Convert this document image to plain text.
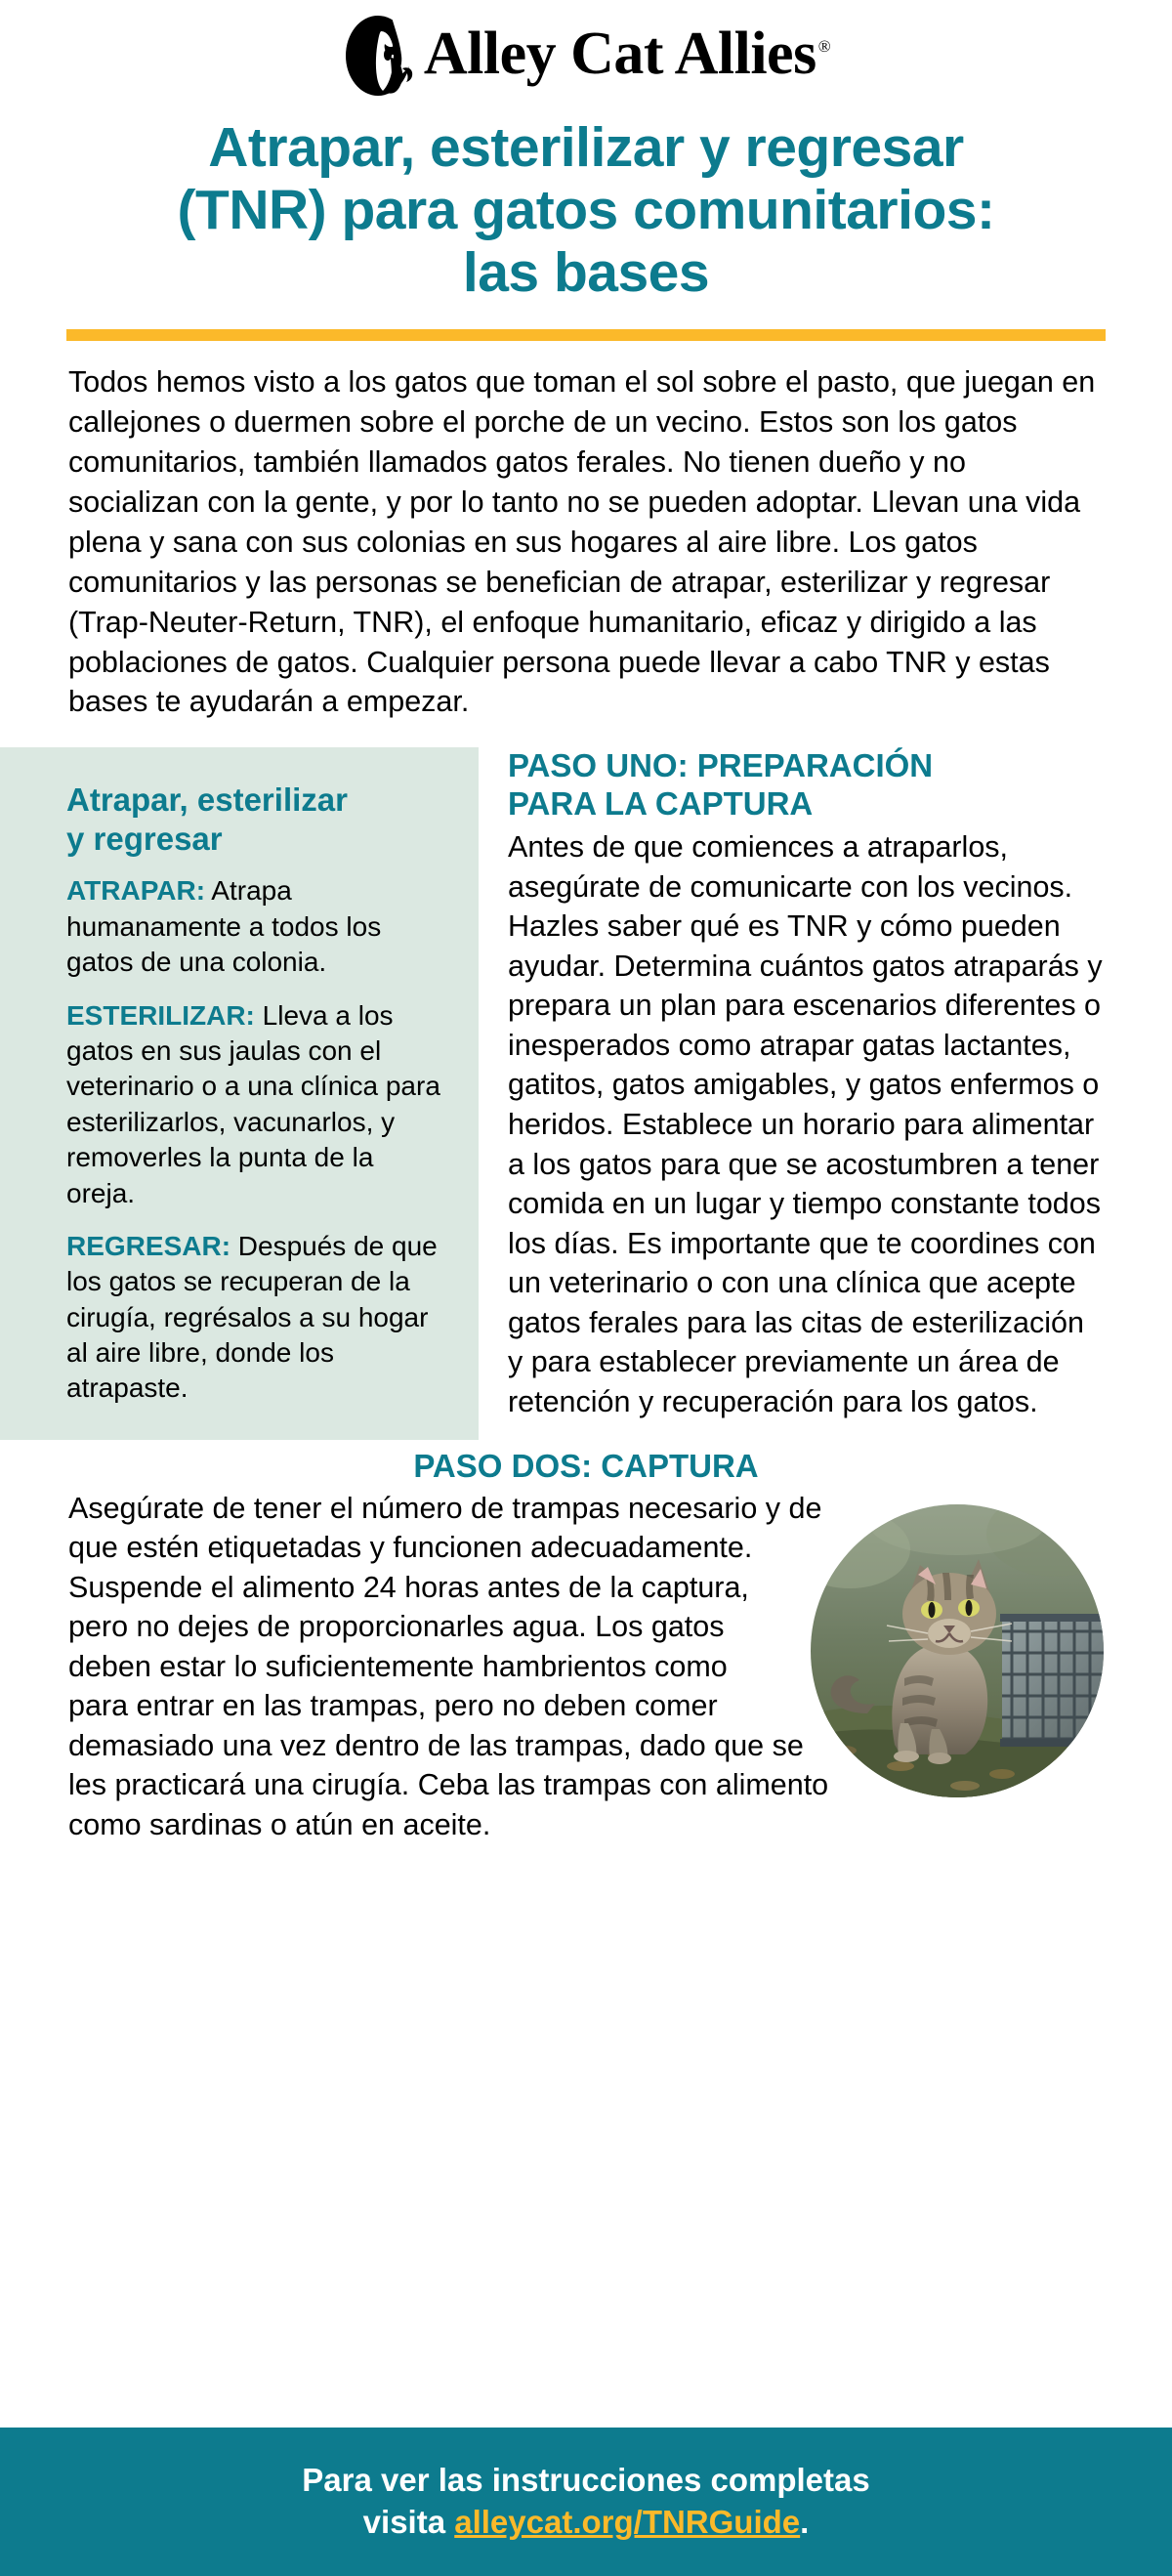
Alley Cat Allies ®
Atrapar, esterilizar y regresar
(TNR) para gatos comunitarios:
las bases

Todos hemos visto a los gatos que toman el sol sobre el pasto, que juegan en callejones o duermen sobre el porche de un vecino. Estos son los gatos comunitarios, también llamados gatos ferales. No tienen dueño y no socializan con la gente, y por lo tanto no se pueden adoptar. Llevan una vida plena y sana con sus colonias en sus hogares al aire libre. Los gatos comunitarios y las personas se benefician de atrapar, esterilizar y regresar (Trap-Neuter-Return, TNR), el enfoque humanitario, eficaz y dirigido a las poblaciones de gatos. Cualquier persona puede llevar a cabo TNR y estas bases te ayudarán a empezar.

Atrapar, esterilizar
y regresar

ATRAPAR: Atrapa humanamente a todos los gatos de una colonia.

ESTERILIZAR: Lleva a los gatos en sus jaulas con el veterinario o a una clínica para esterilizarlos, vacunarlos, y removerles la punta de la oreja.

REGRESAR: Después de que los gatos se recuperan de la cirugía, regrésalos a su hogar al aire libre, donde los atrapaste.

PASO UNO: PREPARACIÓN
PARA LA CAPTURA
Antes de que comiences a atraparlos, asegúrate de comunicarte con los vecinos. Hazles saber qué es TNR y cómo pueden ayudar. Determina cuántos gatos atraparás y prepara un plan para escenarios diferentes o inesperados como atrapar gatas lactantes, gatitos, gatos amigables, y gatos enfermos o heridos. Establece un horario para alimentar a los gatos para que se acostumbren a tener comida en un lugar y tiempo constante todos los días. Es importante que te coordines con un veterinario o con una clínica que acepte gatos ferales para las citas de esterilización y para establecer previamente un área de retención y recuperación para los gatos.
PASO DOS: CAPTURA
Asegúrate de tener el número de trampas necesario y de que estén etiquetadas y funcionen adecuadamente. Suspende el alimento 24 horas antes de la captura, pero no dejes de proporcionarles agua. Los gatos deben estar lo suficientemente hambrientos como para entrar en las trampas, pero no deben comer demasiado una vez dentro de las trampas, dado que se les practicará una cirugía. Ceba las trampas con alimento como sardinas o atún en aceite.
Para ver las instrucciones completas
visita alleycat.org/TNRGuide.
